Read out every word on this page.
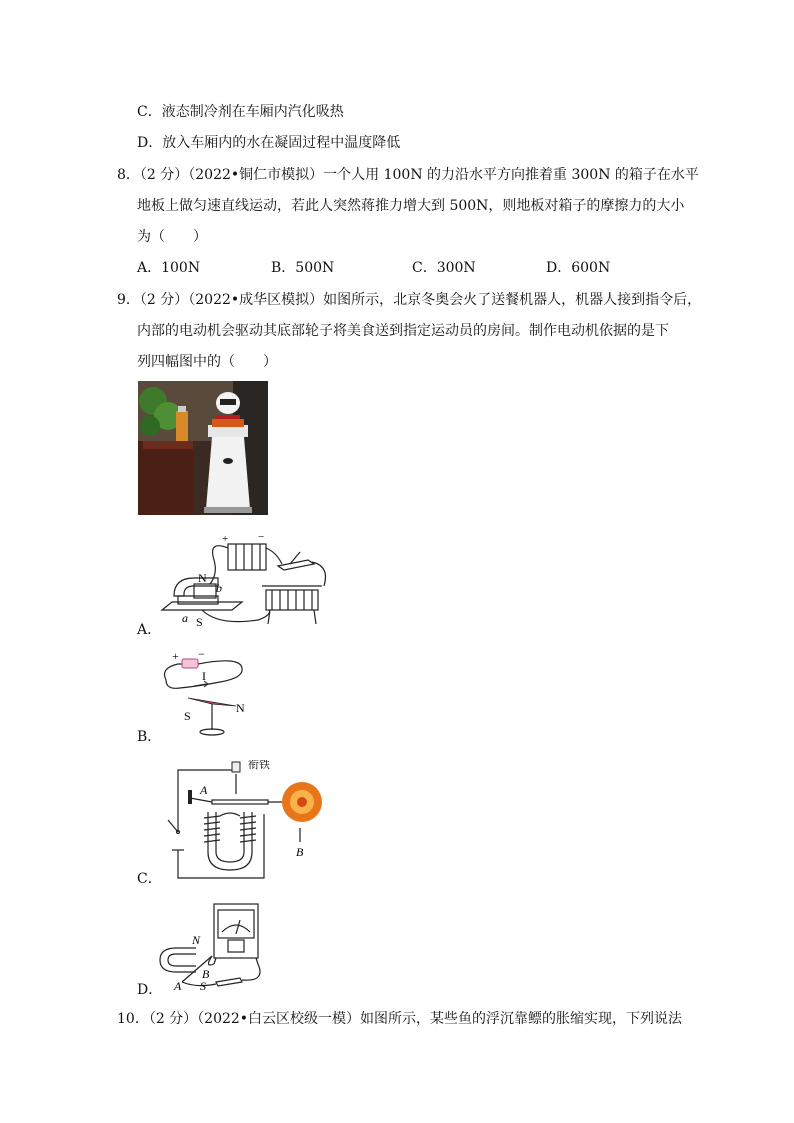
C．液态制冷剂在车厢内汽化吸热
D．放入车厢内的水在凝固过程中温度降低
8．（2 分）（2022•铜仁市模拟）一个人用 100N 的力沿水平方向推着重 300N 的箱子在水平
地板上做匀速直线运动，若此人突然蒋推力增大到 500N，则地板对箱子的摩擦力的大小
为（　　）
A．100N	B．500N	C．300N	D．600N
9．（2 分）（2022•成华区模拟）如图所示，北京冬奥会火了送餐机器人，机器人接到指令后，
内部的电动机会驱动其底部轮子将美食送到指定运动员的房间。制作电动机依据的是下
列四幅图中的（　　）
A．
N
b
a S
+	−
B．
+ −
I
S
N
C．
衔铁
A
B
D．
N
B
A S
10．（2 分）（2022•白云区校级一模）如图所示，某些鱼的浮沉靠鳔的胀缩实现，下列说法
